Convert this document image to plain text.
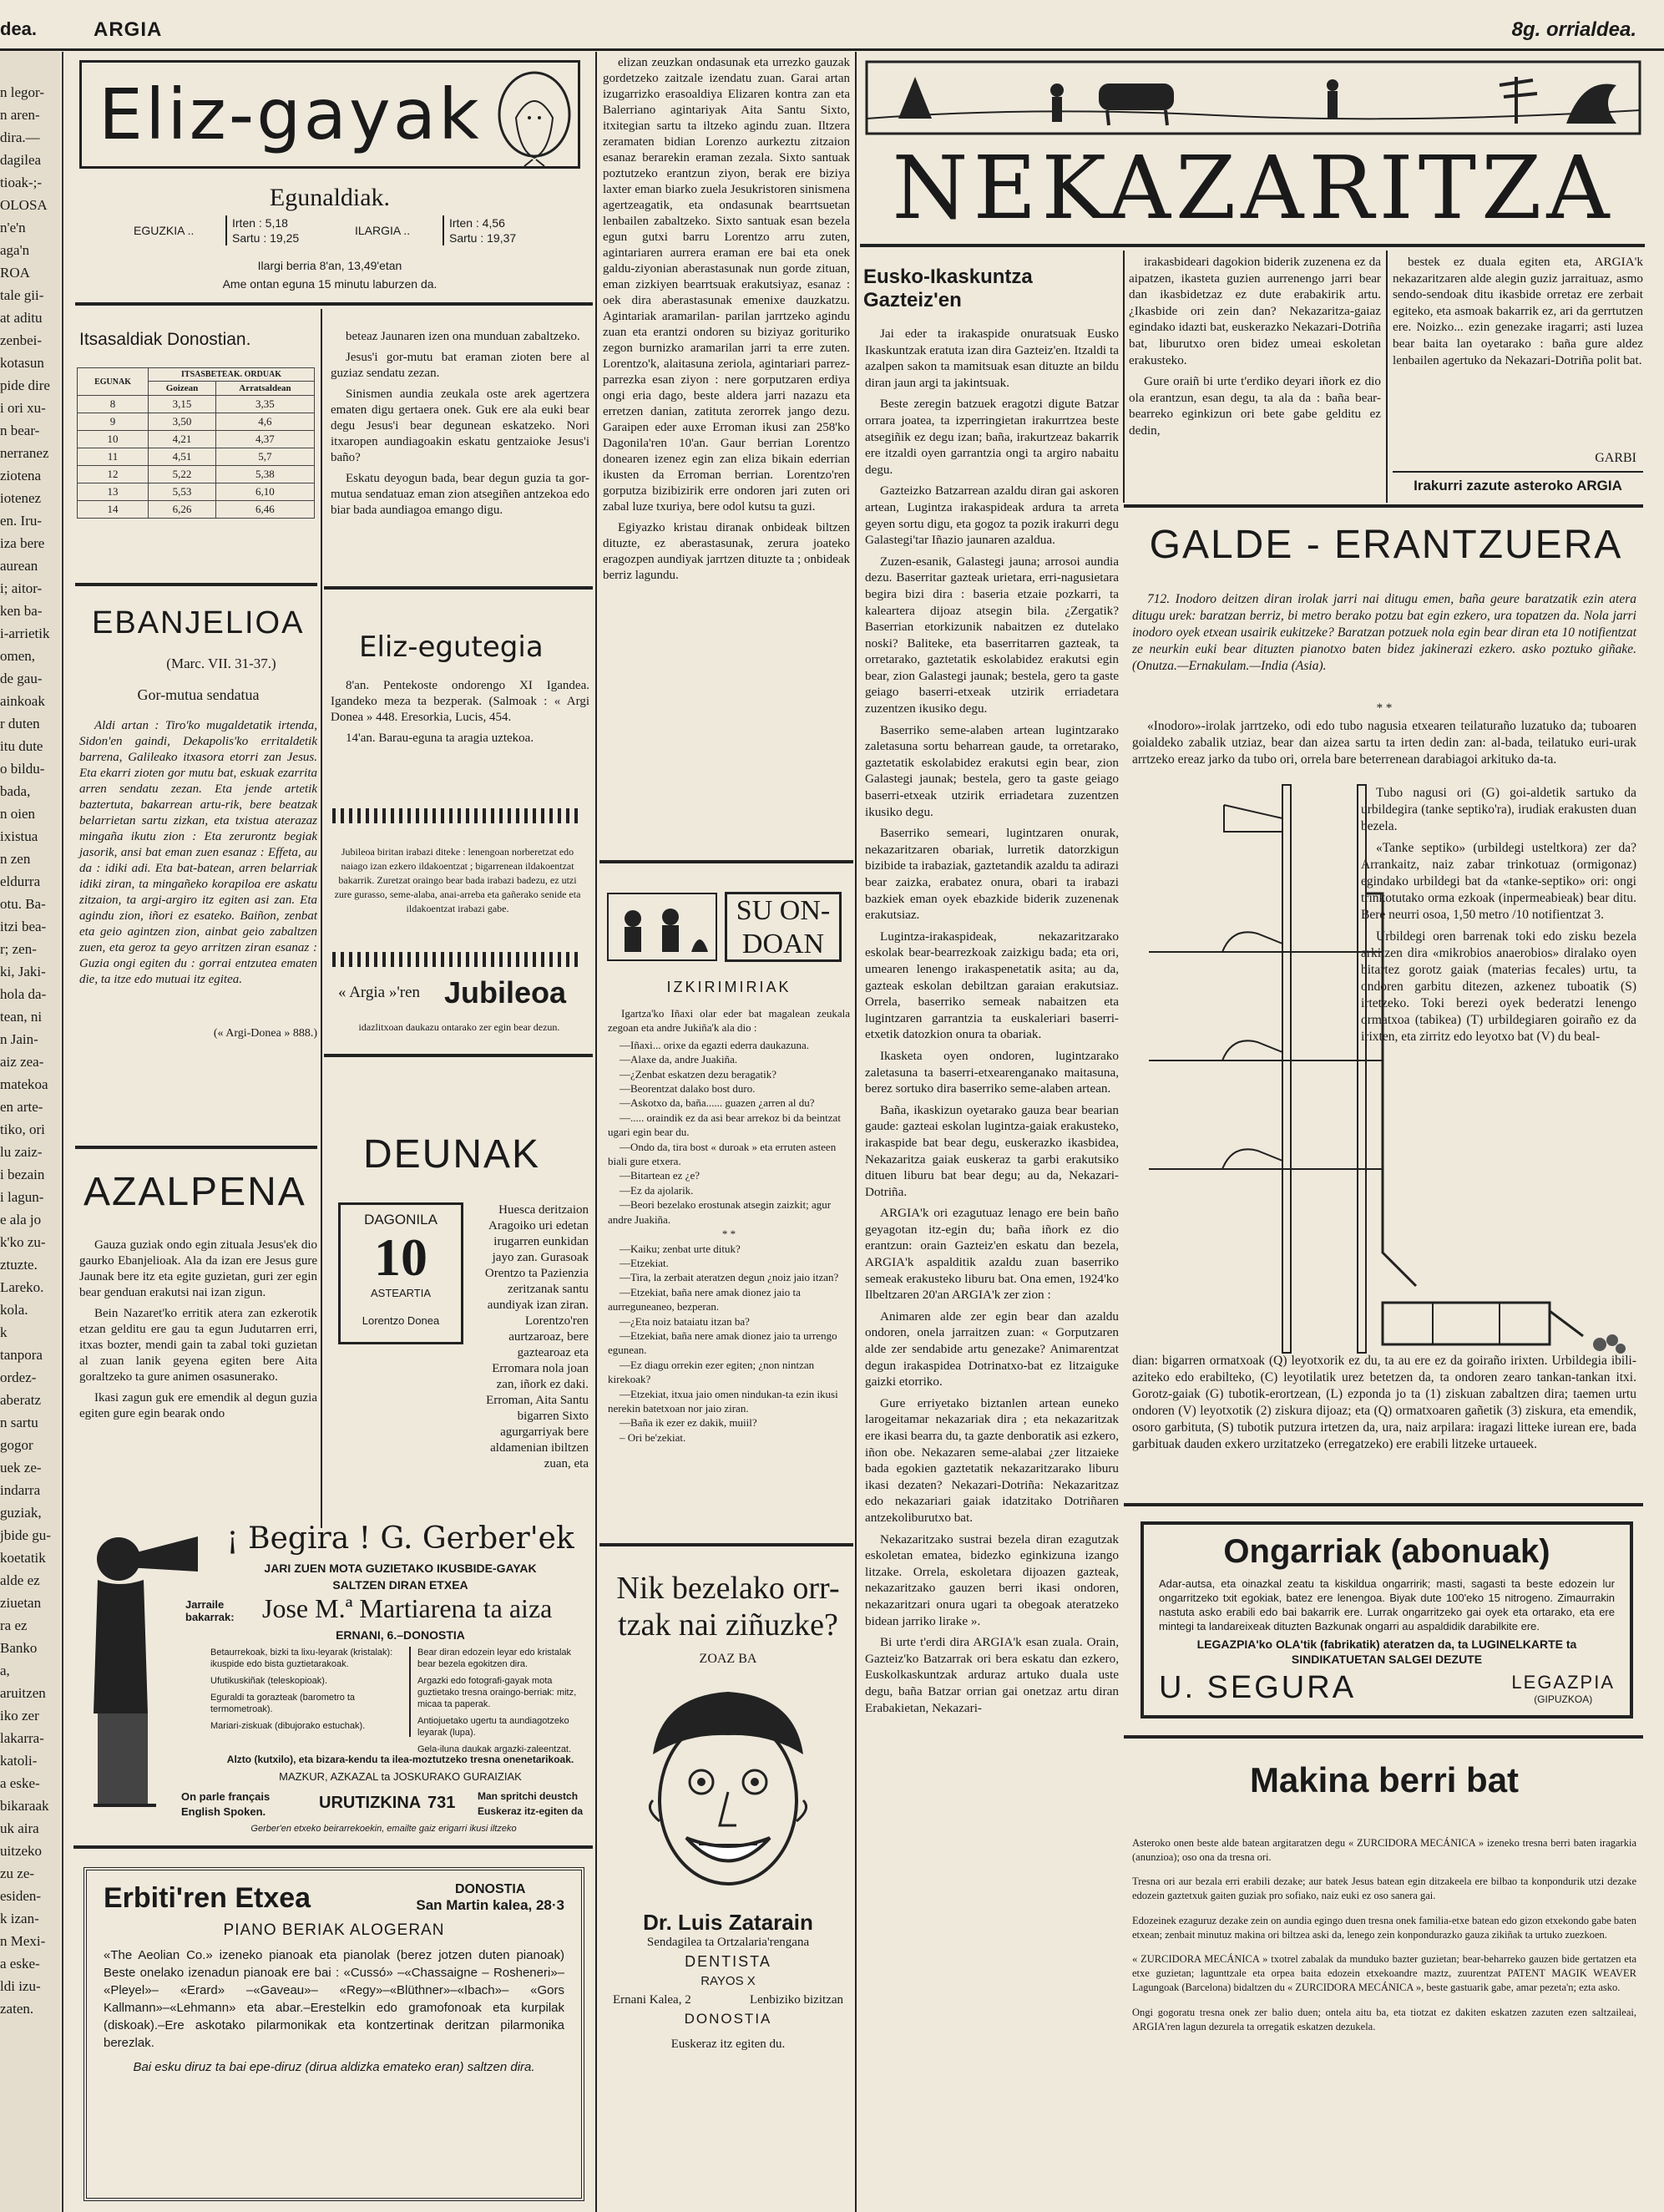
dea.	ARGIA	8g. orrialdea.
n legor-
n aren-
dira.—
dagilea
tioak-;-
OLOSA
n'e'n
aga'n
ROA
tale gii-
at aditu
zenbei-
kotasun
pide dire
i ori xu-
n bear-
nerranez
ziotena
iotenez
en. Iru-
iza bere
aurean
i; aitor-
ken ba-
i-arrietik
omen,
de gau-
ainkoak
r duten
itu dute
o bildu-
bada,
n oien
ixistua
n zen
eldurra
otu. Ba-
itzi bea-
r; zen-
ki, Jaki-
hola da-
tean, ni
n Jain-
aiz zea-
matekoa
en arte-
tiko, ori
lu zaiz-
i bezain
i lagun-
e ala jo
k'ko zu-
ztuzte.
Lareko.
kola.
k
tanpora
ordez-
aberatz
n sartu
gogor
uek ze-
indarra
guziak,
jbide gu-
koetatik
alde ez
ziuetan
ra ez
Banko
a,
aruitzen
iko zer
lakarra-
katoli-
a eske-
bikaraak
uk aira
uitzeko
zu ze-
esiden-
k izan-
n Mexi-
a eske-
ldi izu-
zaten.
Eliz-gayak
Egunaldiak.
EGUZKIA ..
Irten : 5,18
Sartu : 19,25
ILARGIA ..
Irten : 4,56
Sartu : 19,37
Ilargi berria 8'an, 13,49'etan
Ame ontan eguna 15 minutu laburzen da.
Itsasaldiak Donostian.
EGUNAK	ITSASBETEAK. ORDUAK	
	Goizean	Arratsaldean
8	3,15	3,35
9	3,50	4,6
10	4,21	4,37
11	4,51	5,7
12	5,22	5,38
13	5,53	6,10
14	6,26	6,46
EBANJELIOA
(Marc. VII. 31-37.)
Gor-mutua sendatua

Aldi artan : Tiro'ko mugaldetatik irtenda, Sidon'en gaindi, Dekapolis'ko erritaldetik barrena, Galileako itxasora etorri zan Jesus. Eta ekarri zioten gor mutu bat, eskuak ezarrita arren sendatu zezan. Eta jende artetik baztertuta, bakarrean artu-rik, bere beatzak belarrietan sartu zizkan, eta txistua aterazaz mingaña ikutu zion : Eta zerurontz begiak jasorik, ansi bat eman zuen esanaz : Effeta, au da : idiki adi. Eta bat-batean, arren belarriak idiki ziran, ta mingañeko korapiloa ere askatu zitzaion, ta argi-argiro itz egiten asi zan. Eta agindu zion, iñori ez esateko. Baiñon, zenbat eta geio agintzen zion, ainbat geio zabaltzen zuen, eta geroz ta geyo arritzen ziran esanaz : Guzia ongi egiten du : gorrai entzutea ematen die, ta itze edo mutuai itz egitea.

(« Argi-Donea » 888.)

beteaz Jaunaren izen ona munduan zabaltzeko.

Jesus'i gor-mutu bat eraman zioten bere al guziaz sendatu zezan.

Sinismen aundia zeukala oste arek agertzera ematen digu gertaera onek. Guk ere ala euki bear degu Jesus'i bear degunean eskatzeko. Nori itxaropen aundiagoakin eskatu gentzaioke Jesus'i baño?

Eskatu deyogun bada, bear degun guzia ta gor-mutua sendatuaz eman zion atsegiñen antzekoa edo biar bada aundiagoa emango digu.

Eliz-egutegia

8'an. Pentekoste ondorengo XI Igandea. Igandeko meza ta bezperak. (Salmoak : « Argi Donea » 448. Eresorkia, Lucis, 454.

14'an. Barau-eguna ta aragia uztekoa.

Jubileoa biritan irabazi diteke : lenengoan norberetzat edo naiago izan ezkero ildakoentzat ; bigarrenean ildakoentzat bakarrik. Zuretzat oraingo bear bada irabazi badezu, ez utzi zure gurasso, seme-alaba, anai-arreba eta gañerako senide eta ildakoentzat irabazi gabe.
« Argia »'ren Jubileoa
idazlitxoan daukazu ontarako zer egin bear dezun.
AZALPENA

Gauza guziak ondo egin zituala Jesus'ek dio gaurko Ebanjelioak. Ala da izan ere Jesus gure Jaunak bere itz eta egite guzietan, guri zer egin bear genduan erakutsi nai izan zigun.

Bein Nazaret'ko erritik atera zan ezkerotik etzan gelditu ere gau ta egun Judutarren erri, itxas bozter, mendi gain ta zabal toki guzietan al zuan lanik geyena egiten bere Aita goraltzeko ta gure animen osasunerako.

Ikasi zagun guk ere emendik al degun guzia egiten gure egin bearak ondo

DEUNAK
DAGONILA
10
ASTEARTIA
Lorentzo Donea
Huesca deritzaion Aragoiko uri edetan irugarren eunkidan jayo zan. Gurasoak Orentzo ta Pazienzia zeritzanak santu aundiyak izan ziran. Lorentzo'ren aurtzaroaz, bere gaztearoaz eta Erromara nola joan zan, iñork ez daki. Erroman, Aita Santu bigarren Sixto agurgarriyak bere aldamenian ibiltzen zuan, eta

elizan zeuzkan ondasunak eta urrezko gauzak gordetzeko zaitzale izendatu zuan. Garai artan izugarrizko erasoaldiya Elizaren kontra zan eta Balerriano agintariyak Aita Santu Sixto, itxitegian sartu ta iltzeko agindu zuan. Iltzera zeramaten bidian Lorenzo aurkeztu zitzaion esanaz berarekin eraman zezala. Sixto santuak poztutzeko erantzun ziyon, berak ere biziya laxter eman biarko zuela Jesukristoren sinismena agertzeagatik, eta ondasunak bearrtsuetan lenbailen zabaltzeko. Sixto santuak esan bezela egun gutxi barru Lorentzo arru zuten, agintariaren aurrera eraman ere bai eta onek galdu-ziyonian aberastasunak nun gorde zituan, eman zizkiyen bearrtsuak erakutsiyaz, esanaz : oek dira aberastasunak emenixe dauzkatzu. Agintariak aramarilan- parilan jarrtzeko agindu zuan eta erantzi ondoren su biziyaz gorituriko zegon burnizko aramarilan jarri ta erre zuten. Lorentzo'k, alaitasuna zeriola, agintariari parrez-parrezka esan ziyon : nere gorputzaren erdiya ongi eria dago, beste aldera jarri nazazu eta erretzen danian, zatituta zerorrek jango dezu. Garaipen eder auxe Erroman ikusi zan 258'ko Dagonila'ren 10'an. Gaur berrian Lorentzo donearen izenez egin zan eliza bikain ederrian ikusten da Erroman berrian. Lorentzo'ren gorputza bizibizirik erre ondoren jari zuten ori zabal luze txuriya, bere odol kutsu ta guzi.

Egiyazko kristau diranak onbideak biltzen dituzte, ez aberastasunak, zerura joateko eragozpen aundiyak jarrtzen dituzte ta ; onbideak berriz lagundu.

SU ON-
DOAN
IZKIRIMIRIAK
Igartza'ko Iñaxi olar eder bat magalean zeukala zegoan eta andre Jukiña'k ala dio :
—Iñaxi... orixe da egazti ederra daukazuna.
—Alaxe da, andre Juakiña.
—¿Zenbat eskatzen dezu beragatik?
—Beorentzat dalako bost duro.
—Askotxo da, baña...... guazen ¿arren al du?
—..... oraindik ez da asi bear arrekoz bi da beintzat ugari egin bear du.
—Ondo da, tira bost « duroak » eta erruten asteen biali gure etxera.
—Bitartean ez ¿e?
—Ez da ajolarik.
—Beori bezelako erostunak atsegin zaizkit; agur andre Juakiña.
* *
—Kaiku; zenbat urte dituk?
—Etzekiat.
—Tira, la zerbait ateratzen degun ¿noiz jaio itzan?
—Etzekiat, baña nere amak dionez jaio ta aurreguneaneo, bezperan.
—¿Eta noiz bataiatu itzan ba?
—Etzekiat, baña nere amak dionez jaio ta urrengo egunean.
—Ez diagu orrekin ezer egiten; ¿non nintzan kirekoak?
—Etzekiat, itxua jaio omen nindukan-ta ezin ikusi nerekin batetxoan nor jaio ziran.
—Baña ik ezer ez dakik, muiil?
– Ori be'zekiat.
Nik bezelako orr-
tzak nai ziñuzke?
ZOAZ BA
Dr. Luis Zatarain
Sendagilea ta Ortzalaria'rengana
DENTISTA
RAYOS X
Ernani Kalea, 2	Lenbiziko bizitzan
DONOSTIA
Euskeraz itz egiten du.
¡ Begira ! G. Gerber'ek
JARI ZUEN MOTA GUZIETAKO IKUSBIDE-GAYAK
SALTZEN DIRAN ETXEA
Jarraile bakarrak:	Jose M.ª Martiarena ta aiza
ERNANI, 6.–DONOSTIA
Betaurrekoak, bizki ta lixu-leyarak (kristalak): ikuspide edo bista guztietarakoak.
Ufutikuskiñak (teleskopioak).
Eguraldi ta gorazteak (barometro ta termometroak).
Mariari-ziskuak (dibujorako estuchak).
Bear diran edozein leyar edo kristalak bear bezela egokitzen dira.
Argazki edo fotografi-gayak mota guztietako tresna oraingo-berriak: mitz, micaa ta paperak.
Antiojuetako ugertu ta aundiagotzeko leyarak (lupa).
Gela-iluna daukak argazki-zaleentzat.
Alzto (kutxilo), eta bizara-kendu ta ilea-moztutzeko tresna onenetarikoak.
MAZKUR, AZKAZAL ta JOSKURAKO GURAIZIAK
On parle français
English Spoken.	URUTIZKINA 731	Man spritchi deustch
Euskeraz itz-egiten da
Gerber'en etxeko beirarrekoekin, emailte gaiz erigarri ikusi iltzeko
Erbiti'ren Etxea	DONOSTIA
San Martin kalea, 28·3
PIANO BERIAK ALOGERAN
«The Aeolian Co.» izeneko pianoak eta pianolak (berez jotzen duten pianoak) Beste onelako izenadun pianoak ere bai : «Cussó» –«Chassaigne – Rosheneri»– «Pleyel»– «Erard» –«Gaveau»– «Regy»–«Blüthner»–«Ibach»– «Gors Kallmann»–«Lehmann» eta abar.–Erestelkin edo gramofonoak eta kurpilak (diskoak).–Ere askotako pilarmonikak eta kontzertinak deritzan pilarmonika berezlak.
Bai esku diruz ta bai epe-diruz (dirua aldizka emateko eran) saltzen dira.
NEKAZARITZA
Eusko-Ikaskuntza Gazteiz'en

Jai eder ta irakaspide onuratsuak Eusko Ikaskuntzak eratuta izan dira Gazteiz'en. Itzaldi ta azalpen sakon ta mamitsuak esan dituzte an bildu diran jaun argi ta jakintsuak.

Beste zeregin batzuek eragotzi digute Batzar orrara joatea, ta izperringietan irakurrtzea beste atsegiñik ez degu izan; baña, irakurtzeaz bakarrik ere itzaldi oyen garrantzia ongi ta argiro nabaitu degu.

Gazteizko Batzarrean azaldu diran gai askoren artean, Lugintza irakaspideak ardura ta arreta geyen sortu digu, eta gogoz ta pozik irakurri degu Galastegi'tar Iñazio jaunaren azaldua.

Zuzen-esanik, Galastegi jauna; arrosoi aundia dezu. Baserritar gazteak urietara, erri-nagusietara begira bizi dira : baseria etzaie pozkarri, ta kaleartera dijoaz atsegin bila. ¿Zergatik? Baserrian etorkizunik nabaitzen ez dutelako noski? Baliteke, eta baserritarren gazteak, ta orretarako, gaztetatik eskolabidez erakutsi egin bear, zion Galastegi jaunak; bestela, gero ta gaste geiago baserri-etxeak utzirik erriadetara zuzentzen ikusiko degu.

Baserriko seme-alaben artean lugintzarako zaletasuna sortu beharrean gaude, ta orretarako, gaztetatik eskolabidez erakutsi egin bear, zion Galastegi jaunak; bestela, gero ta gaste geiago baserri-etxeak utzirik erriadetara zuzentzen ikusiko degu.

Baserriko semeari, lugintzaren onurak, nekazaritzaren obariak, lurretik datorzkigun bizibide ta irabaziak, gaztetandik azaldu ta adirazi bear zaizka, erabatez onura, obari ta irabazi bazkiek eman oyek ebazkide biderik zuzenenak erakutsiaz.

Lugintza-irakaspideak, nekazaritzarako eskolak bear-bearrezkoak zaizkigu bada; eta ori, umearen lenengo irakaspenetatik asita; au da, gazteak eskolan debiltzan garaian erakutsiaz. Orrela, baserriko semeak nabaitzen eta lugintzaren garrantzia ta euskaleriari baserri-etxetik datozkion onura ta obariak.

Ikasketa oyen ondoren, lugintzarako zaletasuna ta baserri-etxearenganako maitasuna, berez sortuko dira baserriko seme-alaben artean.

Baña, ikaskizun oyetarako gauza bear bearian gaude: gazteai eskolan lugintza-gaiak erakusteko, irakaspide bat bear degu, euskerazko ikasbidea, Nekazaritza gaiak euskeraz ta garbi erakutsiko dituen liburu bat bear degu; au da, Nekazari-Dotriña.

ARGIA'k ori ezagutuaz lenago ere bein baño geyagotan itz-egin du; baña iñork ez dio erantzun: orain Gazteiz'en eskatu dan bezela, ARGIA'k aspalditik azaldu zuan baserriko semeak erakusteko liburu bat. Ona emen, 1924'ko Ilbeltzaren 20'an ARGIA'k zer zion :

Animaren alde zer egin bear dan azaldu ondoren, onela jarraitzen zuan: « Gorputzaren alde zer sendabide artu genezake? Animarentzat degun irakaspidea Dotrinatxo-bat ez litzaiguke gaizki etorriko.

Gure erriyetako biztanlen artean euneko larogeitamar nekazariak dira ; eta nekazaritzak ere ikasi bearra du, ta gazte denboratik asi ezkero, iñon obe. Nekazaren seme-alabai ¿zer litzaieke bada egokien gaztetatik nekazaritzarako liburu ikasi dezaten? Nekazari-Dotriña: Nekazaritzaz edo nekazariari gaiak idatzitako Dotriñaren antzekoliburutxo bat.

Nekazaritzako sustrai bezela diran ezagutzak eskoletan ematea, bidezko eginkizuna izango litzake. Orrela, eskoletara dijoazen gazteak, nekazaritzako gauzen berri ikasi ondoren, nekazaritzari onura ugari ta obegoak ateratzeko bidean jarriko lirake ».

Bi urte t'erdi dira ARGIA'k esan zuala. Orain, Gazteiz'ko Batzarrak ori bera eskatu dan ezkero, Euskolkaskuntzak arduraz artuko duala uste degu, baña Batzar orrian gai onetzaz artu diran Erabakietan, Nekazari-

irakasbideari dagokion biderik zuzenena ez da aipatzen, ikasteta guzien aurrenengo jarri bear dan ikasbidetzaz ez dute erabakirik artu. ¿Ikasbide ori zein dan? Nekazaritza-gaiaz egindako idazti bat, euskerazko Nekazari-Dotriña bat, liburutxo oren bidez umeai eskoletan erakusteko.

Gure oraiñ bi urte t'erdiko deyari iñork ez dio ola erantzun, esan degu, ta ala da : baña bear-bearreko eginkizun ori bete gabe gelditu ez dedin,

bestek ez duala egiten eta, ARGIA'k nekazaritzaren alde alegin guziz jarraituaz, asmo sendo-sendoak ditu ikasbide orretaz ere zerbait egiteko, eta asmoak bakarrik ez, ari da gerrtutzen ere. Noizko... ezin genezake iragarri; asti luzea bear baita lan oyetarako : baña gure aldez lenbailen agertuko da Nekazari-Dotriña polit bat.

GARBI
Irakurri zazute asteroko ARGIA
GALDE - ERANTZUERA

712. Inodoro deitzen diran irolak jarri nai ditugu emen, baña geure baratzatik ezin atera ditugu urek: baratzan berriz, bi metro berako potzu bat egin ezkero, ura topatzen da. Nola jarri inodoro oyek etxean usairik eukitzeke? Baratzan potzuek nola egin bear diran eta 10 notifientzat ze neurkin euki bear dituzten pianotxo baten bidez jakinerazi ezkero. asko poztuko giñake. (Onutza.—Ernakulam.—India (Asia).

* *

«Inodoro»-irolak jarrtzeko, odi edo tubo nagusia etxearen teilaturaño luzatuko da; tuboaren goialdeko zabalik utziaz, bear dan aizea sartu ta irten dedin zan: al-bada, teilatuko euri-urak arrtzeko ereaz jarko da tubo ori, orrela bare beterrenean darabiagoi arkituko da-ta.

Tubo nagusi ori (G) goi-aldetik sartuko da urbildegira (tanke septiko'ra), irudiak erakusten duan bezela.

«Tanke septiko» (urbildegi usteltkora) zer da? Arrankaitz, naiz zabar trinkotuaz (ormigonaz) egindako urbildegi bat da «tanke-septiko» ori: ongi trinkotutako orma ezkoak (inpermeabieak) bear ditu. Bere neurri osoa, 1,50 metro /10 notifientzat 3.

Urbildegi oren barrenak toki edo zisku bezela arkitzen dira «mikrobios anaerobios» diralako oyen bitartez gorotz gaiak (materias fecales) urtu, ta ondoren garbitu ditezen, azkenez tuboatik (S) irtetzeko. Toki berezi oyek bederatzi lenengo ormatxoa (tabikea) (T) urbildegiaren goiraño ez da irixten, eta zirritz edo leyotxo bat (V) du beal-

dian: bigarren ormatxoak (Q) leyotxorik ez du, ta au ere ez da goiraño irixten. Urbildegia ibili-aziteko edo erabilteko, (C) leyotilatik urez betetzen da, ta ondoren zearo tankan-tankan itxi. Gorotz-gaiak (G) tubotik-erortzean, (L) ezponda jo ta (1) ziskuan zabaltzen dira; taemen urtu ondoren (V) leyotxotik (2) ziskura dijoaz; eta (Q) ormatxoaren gañetik (3) ziskura, eta emendik, osoro garbituta, (S) tubotik putzura irtetzen da, ura, naiz arpilara: iragazi litteke iurean ere, bada garbituak dauden exkero urzitatzeko (erregatzeko) ere erabili litzeke urtaueek.

Ongarriak (abonuak)
Adar-autsa, eta oinazkal zeatu ta kiskildua ongarririk; masti, sagasti ta beste edozein lur ongarritzeko txit egokiak, batez ere lenengoa. Biyak dute 100'eko 15 nitrogeno. Zimaurrakin nastuta asko erabili edo bai bakarrik ere. Lurrak ongarritzeko gai oyek eta ortarako, eta ere mintegi ta landareixeak dituzten Bazkunak ongarri au aspaldidik darabilkite ere.
LEGAZPIA'ko OLA'tik (fabrikatik) ateratzen da, ta LUGINELKARTE ta SINDIKATUETAN SALGEI DEZUTE
U. SEGURA	LEGAZPIA
(GIPUZKOA)
Makina berri bat

Asteroko onen beste alde batean argitaratzen degu « ZURCIDORA MECÁNICA » izeneko tresna berri baten iragarkia (anunzioa); oso ona da tresna ori.

Tresna ori aur bezala erri erabili dezake; aur batek Jesus batean egin ditzakeela ere bilbao ta konpondurik utzi dezake edozein gaztetxuk gaiten guziak pro sofiako, naiz euki ez oso sanera gai.

Edozeinek ezaguruz dezake zein on aundia egingo duen tresna onek familia-etxe batean edo gizon etxekondo gabe baten etxean; zenbait minutuz makina ori biltzea aski da, lenego zein konpondurazko gauza zikiñak ta urtuko zuezkoen.

« ZURCIDORA MECÁNICA » txotrel zabalak da munduko bazter guzietan; bear-beharreko gauzen bide gertatzen eta etxe guzietan; lagunttzale eta orpea baita edozein etxekoandre maztz, zuurentzat PATENT MAGIK WEAVER Lagungoak (Barcelona) bidaltzen du « ZURCIDORA MECÁNICA », beste gastuarik gabe, amar pezeta'n; ezta asko.

Ongi gogoratu tresna onek zer balio duen; ontela aitu ba, eta tiotzat ez dakiten eskatzen zazuten ezen saltzaileai, ARGIA'ren lagun dezurela ta orregatik eskatzen dezukela.
